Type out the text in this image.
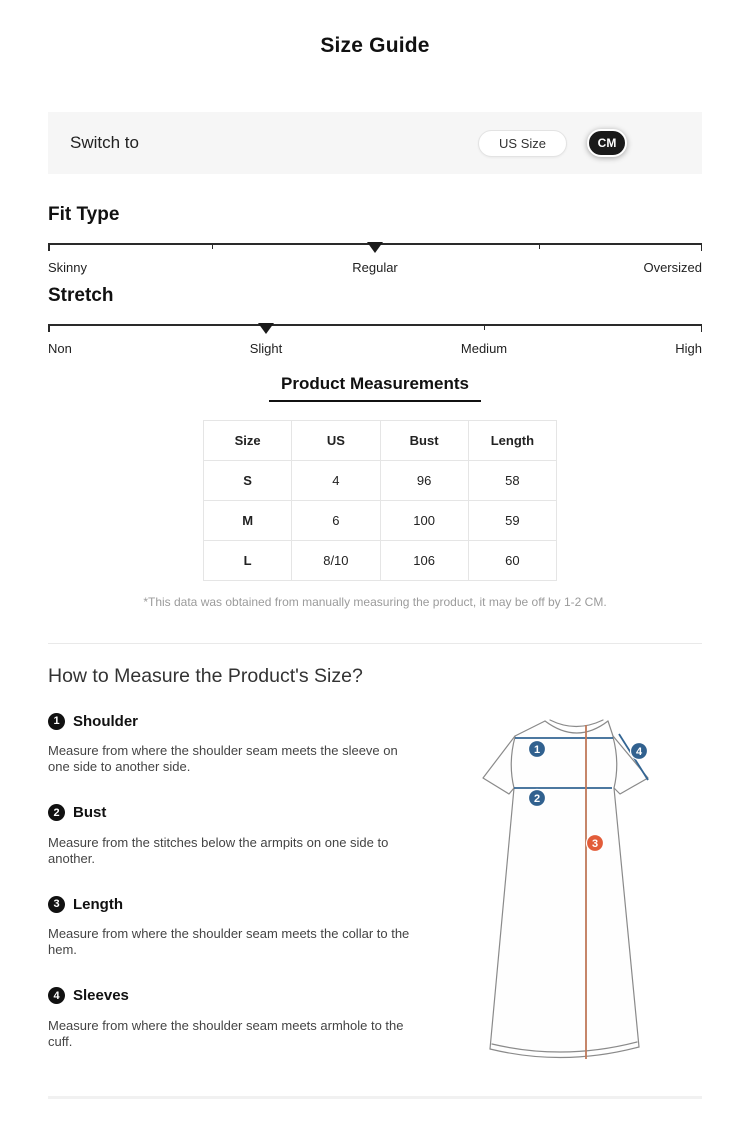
Size Guide
Switch to	US Size	CM
Fit Type
Skinny	Regular	Oversized
Stretch
Non	Slight	Medium	High
Product Measurements
Size	US	Bust	Length
S	4	96	58
M	6	100	59
L	8/10	106	60
*This data was obtained from manually measuring the product, it may be off by 1-2 CM.
How to Measure the Product's Size?
1 Shoulder
Measure from where the shoulder seam meets the sleeve on one side to another side.
2 Bust
Measure from the stitches below the armpits on one side to another.
3 Length
Measure from where the shoulder seam meets the collar to the hem.
4 Sleeves
Measure from where the shoulder seam meets armhole to the cuff.
1
2
3
4
